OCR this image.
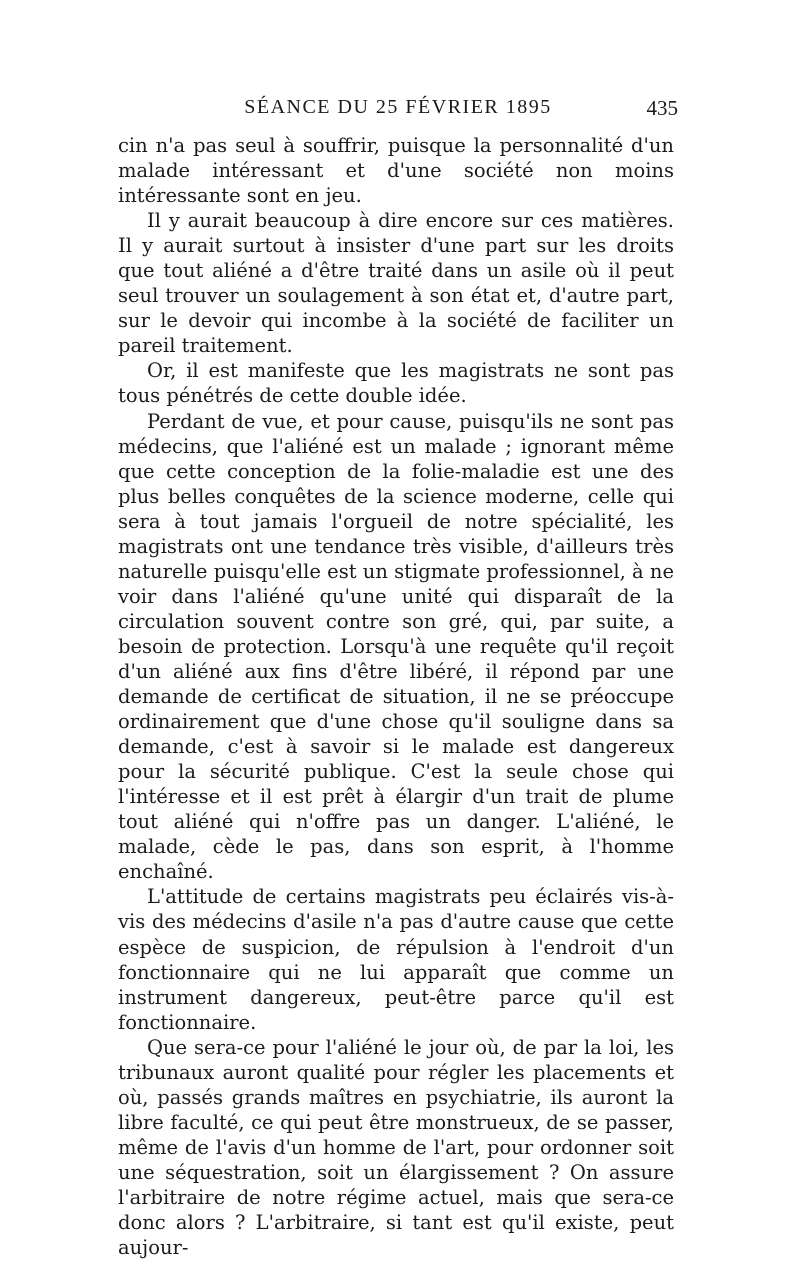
SÉANCE DU 25 FÉVRIER 1895	435

cin n'a pas seul à souffrir, puisque la personnalité d'un malade intéressant et d'une société non moins intéressante sont en jeu.

Il y aurait beaucoup à dire encore sur ces matières. Il y aurait surtout à insister d'une part sur les droits que tout aliéné a d'être traité dans un asile où il peut seul trouver un soulagement à son état et, d'autre part, sur le devoir qui incombe à la société de faciliter un pareil traitement.

Or, il est manifeste que les magistrats ne sont pas tous pénétrés de cette double idée.

Perdant de vue, et pour cause, puisqu'ils ne sont pas médecins, que l'aliéné est un malade ; ignorant même que cette conception de la folie-maladie est une des plus belles conquêtes de la science moderne, celle qui sera à tout jamais l'orgueil de notre spécialité, les magistrats ont une tendance très visible, d'ailleurs très naturelle puisqu'elle est un stigmate professionnel, à ne voir dans l'aliéné qu'une unité qui disparaît de la circulation souvent contre son gré, qui, par suite, a besoin de protection. Lorsqu'à une requête qu'il reçoit d'un aliéné aux fins d'être libéré, il répond par une demande de certificat de situation, il ne se préoccupe ordinairement que d'une chose qu'il souligne dans sa demande, c'est à savoir si le malade est dangereux pour la sécurité publique. C'est la seule chose qui l'intéresse et il est prêt à élargir d'un trait de plume tout aliéné qui n'offre pas un danger. L'aliéné, le malade, cède le pas, dans son esprit, à l'homme enchaîné.

L'attitude de certains magistrats peu éclairés vis-à-vis des médecins d'asile n'a pas d'autre cause que cette espèce de suspicion, de répulsion à l'endroit d'un fonctionnaire qui ne lui apparaît que comme un instrument dangereux, peut-être parce qu'il est fonctionnaire.

Que sera-ce pour l'aliéné le jour où, de par la loi, les tribunaux auront qualité pour régler les placements et où, passés grands maîtres en psychiatrie, ils auront la libre faculté, ce qui peut être monstrueux, de se passer, même de l'avis d'un homme de l'art, pour ordonner soit une séquestration, soit un élargissement ? On assure l'arbitraire de notre régime actuel, mais que sera-ce donc alors ? L'arbitraire, si tant est qu'il existe, peut aujour-
